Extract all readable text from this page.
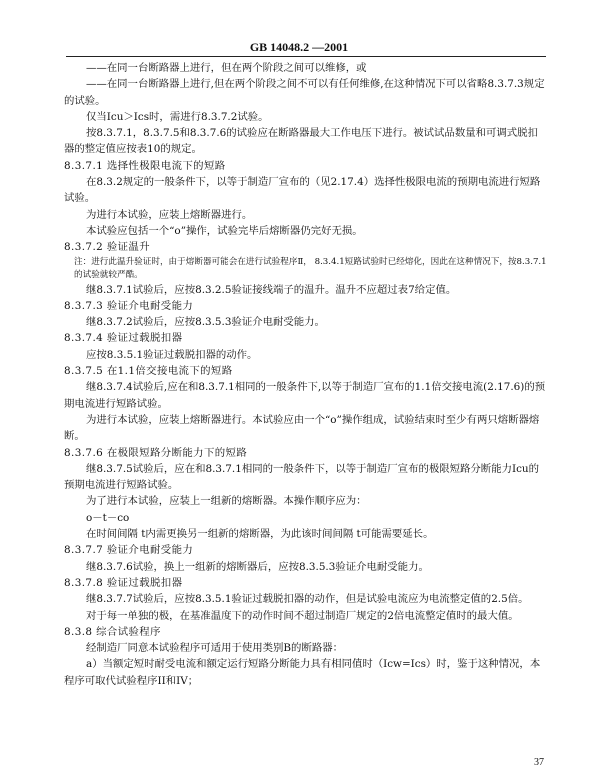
GB 14048.2 —2001

——在同一台断路器上进行，但在两个阶段之间可以维修，或

——在同一台断路器上进行,但在两个阶段之间不可以有任何维修,在这种情况下可以省略8.3.7.3规定的试验。

仅当Icu＞Ics时，需进行8.3.7.2试验。

按8.3.7.1，8.3.7.5和8.3.7.6的试验应在断路器最大工作电压下进行。被试试品数量和可调式脱扣器的整定值应按表10的规定。

8.3.7.1 选择性极限电流下的短路

在8.3.2规定的一般条件下，以等于制造厂宣布的（见2.17.4）选择性极限电流的预期电流进行短路试验。

为进行本试验，应装上熔断器进行。

本试验应包括一个“o”操作，试验完毕后熔断器仍完好无损。

8.3.7.2 验证温升

注：进行此温升验证时，由于熔断器可能会在进行试验程序Ⅱ， 8.3.4.1短路试验时已经熔化，因此在这种情况下，按8.3.7.1的试验就较严酷。

继8.3.7.1试验后，应按8.3.2.5验证接线端子的温升。温升不应超过表7给定值。

8.3.7.3 验证介电耐受能力

继8.3.7.2试验后，应按8.3.5.3验证介电耐受能力。

8.3.7.4 验证过载脱扣器

应按8.3.5.1验证过载脱扣器的动作。

8.3.7.5 在1.1倍交接电流下的短路

继8.3.7.4试验后,应在和8.3.7.1相同的一般条件下,以等于制造厂宣布的1.1倍交接电流(2.17.6)的预期电流进行短路试验。

为进行本试验，应装上熔断器进行。本试验应由一个“o”操作组成，试验结束时至少有两只熔断器熔断。

8.3.7.6 在极限短路分断能力下的短路

继8.3.7.5试验后，应在和8.3.7.1相同的一般条件下，以等于制造厂宣布的极限短路分断能力Icu的预期电流进行短路试验。

为了进行本试验，应装上一组新的熔断器。本操作顺序应为：

o－t－co

在时间间隔 t内需更换另一组新的熔断器，为此该时间间隔 t可能需要延长。

8.3.7.7 验证介电耐受能力

继8.3.7.6试验，换上一组新的熔断器后，应按8.3.5.3验证介电耐受能力。

8.3.7.8 验证过载脱扣器

继8.3.7.7试验后，应按8.3.5.1验证过载脱扣器的动作，但是试验电流应为电流整定值的2.5倍。

对于每一单独的极，在基准温度下的动作时间不超过制造厂规定的2倍电流整定值时的最大值。

8.3.8 综合试验程序

经制造厂同意本试验程序可适用于使用类别B的断路器：

a）当额定短时耐受电流和额定运行短路分断能力具有相同值时（Icw=Ics）时，鉴于这种情况，本程序可取代试验程序II和IV；

37
